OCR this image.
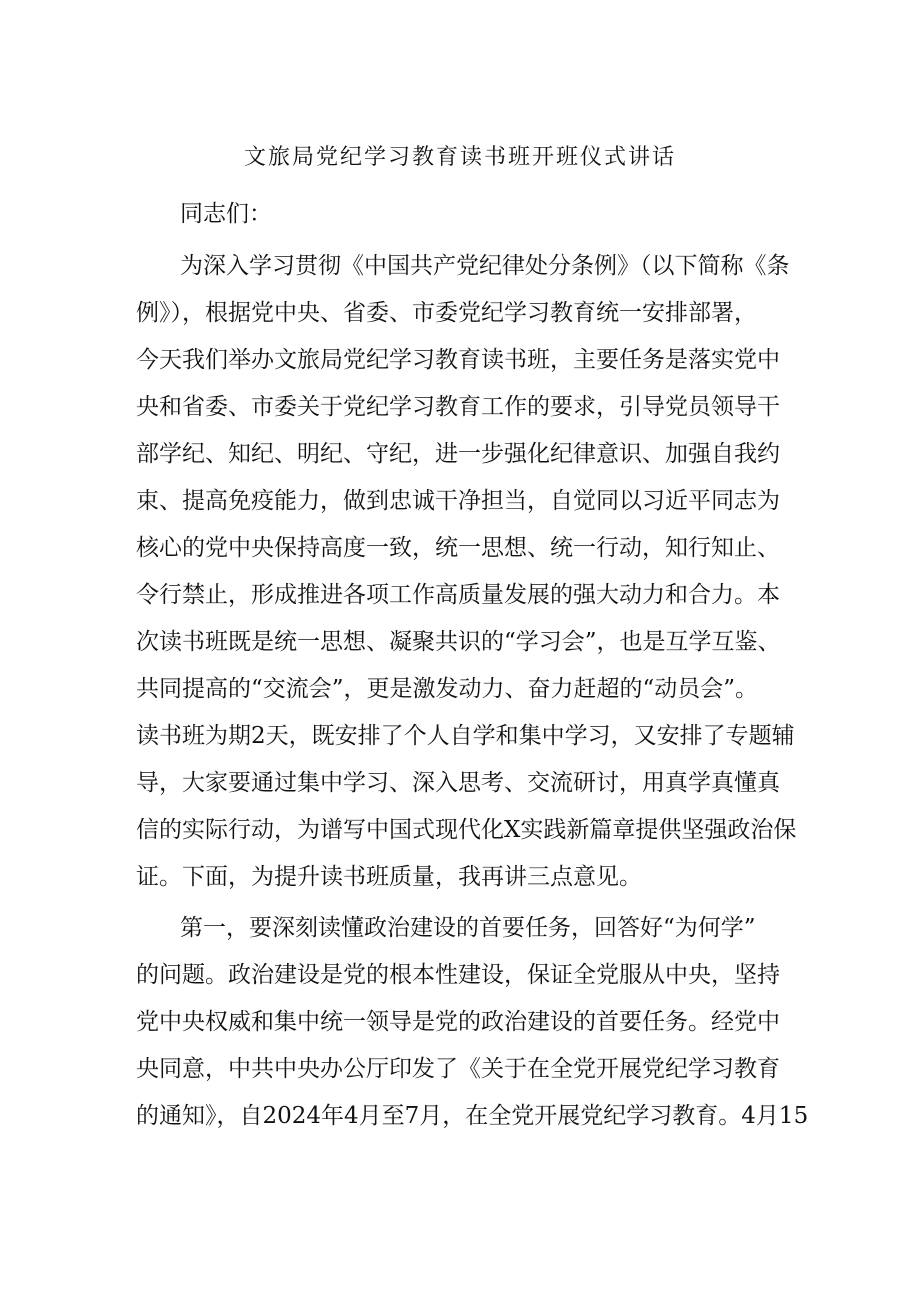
文旅局党纪学习教育读书班开班仪式讲话
同志们：
为深入学习贯彻《中国共产党纪律处分条例》（以下简称《条
例》），根据党中央、省委、市委党纪学习教育统一安排部署，
今天我们举办文旅局党纪学习教育读书班，主要任务是落实党中
央和省委、市委关于党纪学习教育工作的要求，引导党员领导干
部学纪、知纪、明纪、守纪，进一步强化纪律意识、加强自我约
束、提高免疫能力，做到忠诚干净担当，自觉同以习近平同志为
核心的党中央保持高度一致，统一思想、统一行动，知行知止、
令行禁止，形成推进各项工作高质量发展的强大动力和合力。本
次读书班既是统一思想、凝聚共识的“学习会”，也是互学互鉴、
共同提高的“交流会”，更是激发动力、奋力赶超的“动员会”。
读书班为期2天，既安排了个人自学和集中学习，又安排了专题辅
导，大家要通过集中学习、深入思考、交流研讨，用真学真懂真
信的实际行动，为谱写中国式现代化X实践新篇章提供坚强政治保
证。下面，为提升读书班质量，我再讲三点意见。
第一，要深刻读懂政治建设的首要任务，回答好“为何学”
的问题。政治建设是党的根本性建设，保证全党服从中央，坚持
党中央权威和集中统一领导是党的政治建设的首要任务。经党中
央同意，中共中央办公厅印发了《关于在全党开展党纪学习教育
的通知》，自2024年4月至7月，在全党开展党纪学习教育。4月15
